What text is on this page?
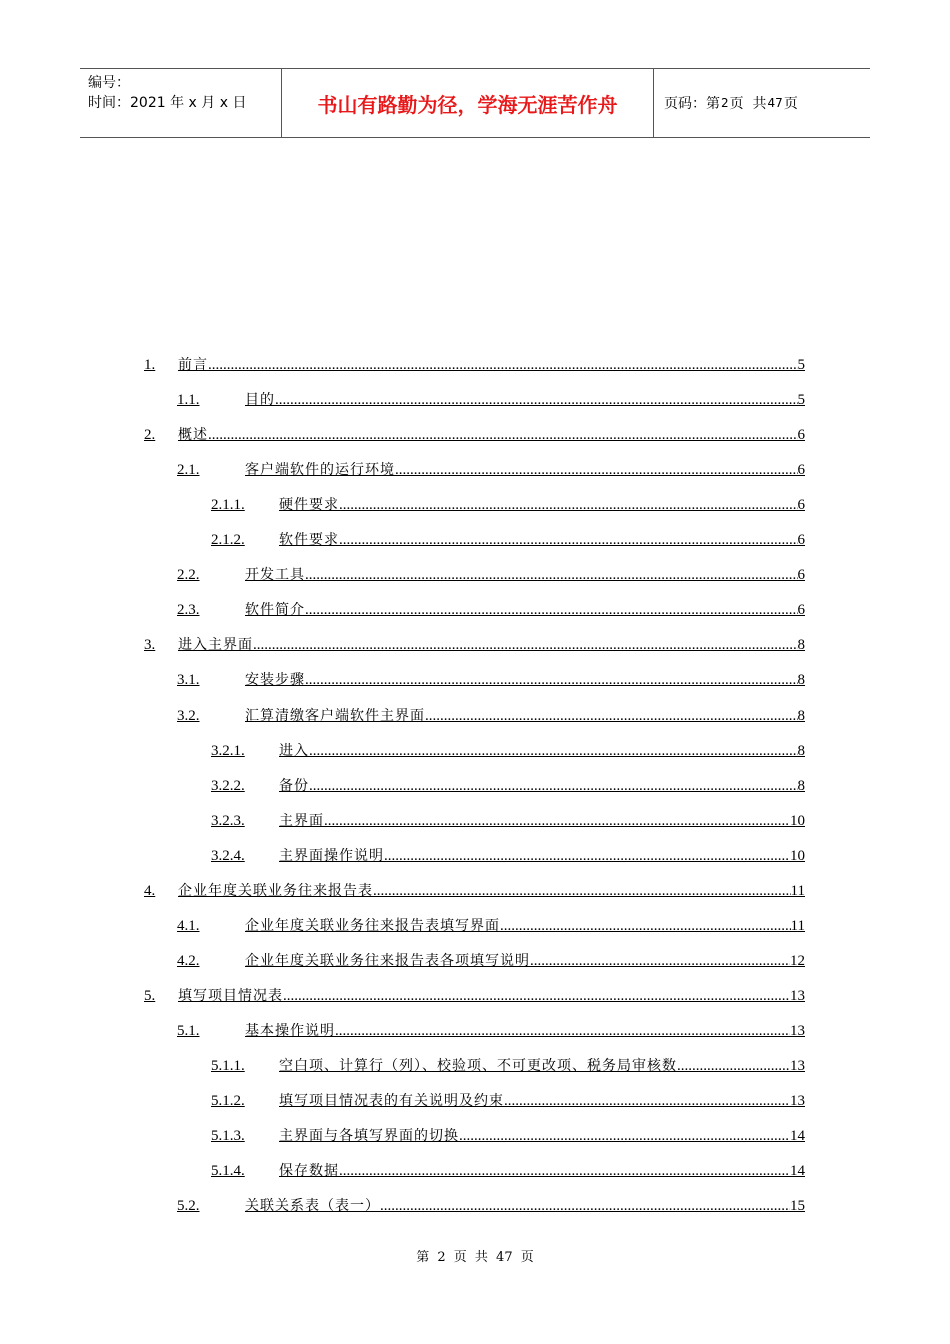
编号：
时间：2021 年 x 月 x 日	书山有路勤为径，学海无涯苦作舟	页码：第 2 页  共 47 页
1. 前言 .....	5
1.1.	目的 .....	5
2. 概述 .....	6
2.1.	客户端软件的运行环境 .....	6
2.1.1. 硬件要求 .....	6
2.1.2. 软件要求 .....	6
2.2.	开发工具 .....	6
2.3.	软件简介 .....	6
3. 进入主界面 .....	8
3.1.	安装步骤 .....	8
3.2.	汇算清缴客户端软件主界面 .....	8
3.2.1. 进入 .....	8
3.2.2. 备份 .....	8
3.2.3. 主界面 .....	10
3.2.4. 主界面操作说明 .....	10
4. 企业年度关联业务往来报告表 .....	11
4.1.	企业年度关联业务往来报告表填写界面 .....	11
4.2.	企业年度关联业务往来报告表各项填写说明 .....	12
5. 填写项目情况表 .....	13
5.1.	基本操作说明 .....	13
5.1.1. 空白项、计算行（列）、校验项、不可更改项、税务局审核数 .....	13
5.1.2. 填写项目情况表的有关说明及约束 .....	13
5.1.3. 主界面与各填写界面的切换 .....	14
5.1.4. 保存数据 .....	14
5.2.	关联关系表（表一） .....	15
第 2 页 共 47 页
